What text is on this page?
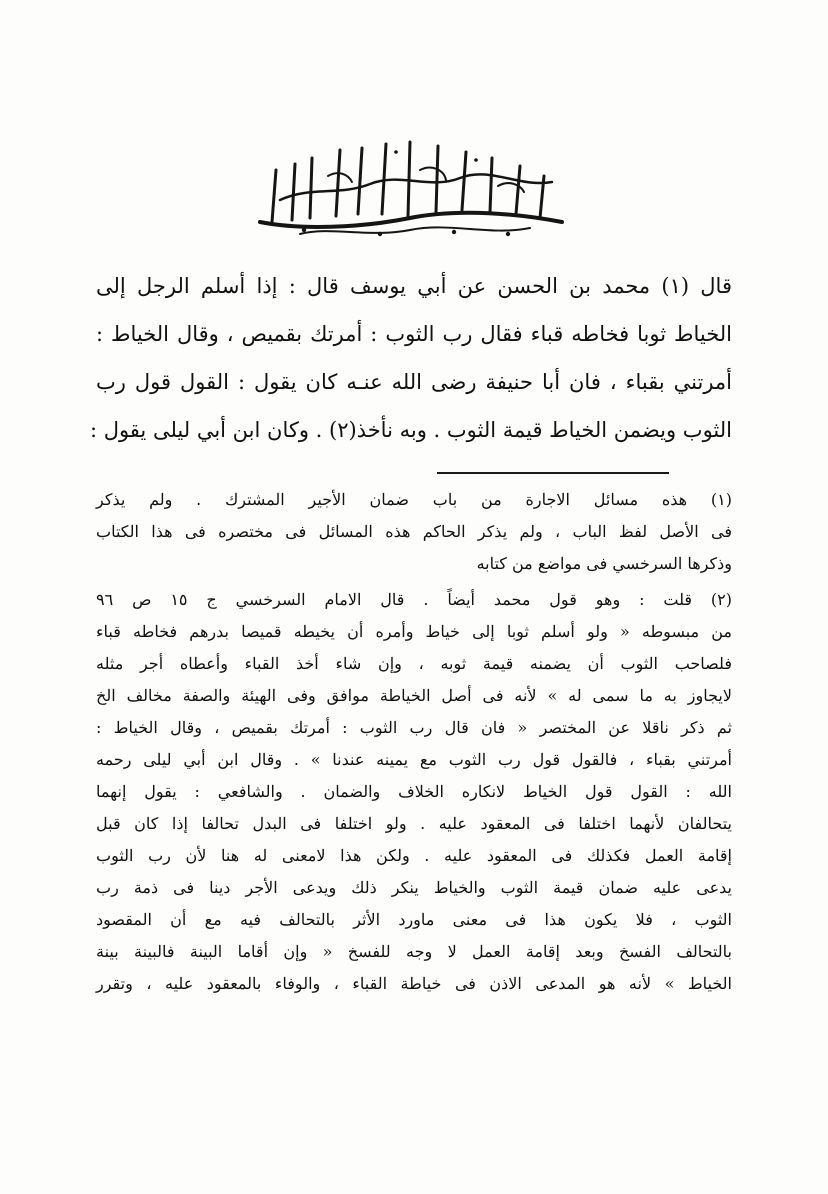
قال (١) محمد بن الحسن عن أبي يوسف قال : إذا أسلم الرجل إلى
الخياط ثوبا فخاطه قباء فقال رب الثوب : أمرتك بقميص ، وقال الخياط :
أمرتني بقباء ، فان أبا حنيفة رضى الله عنـه كان يقول : القول قول رب
الثوب ويضمن الخياط قيمة الثوب . وبه نأخذ(٢) . وكان ابن أبي ليلى يقول :
(١) هذه مسائل الاجارة من باب ضمان الأجير المشترك . ولم يذكر
فى الأصل لفظ الباب ، ولم يذكر الحاكم هذه المسائل فى مختصره فى هذا الكتاب
وذكرها السرخسي فى مواضع من كتابه
(٢) قلت : وهو قول محمد أيضاً . قال الامام السرخسي ج ١٥ ص ٩٦
من مبسوطه « ولو أسلم ثوبا إلى خياط وأمره أن يخيطه قميصا بدرهم فخاطه قباء
فلصاحب الثوب أن يضمنه قيمة ثوبه ، وإن شاء أخذ القباء وأعطاه أجر مثله
لايجاوز به ما سمى له » لأنه فى أصل الخياطة موافق وفى الهيئة والصفة مخالف الخ
ثم ذكر ناقلا عن المختصر « فان قال رب الثوب : أمرتك بقميص ، وقال الخياط :
أمرتني بقباء ، فالقول قول رب الثوب مع يمينه عندنا » . وقال ابن أبي ليلى رحمه
الله : القول قول الخياط لانكاره الخلاف والضمان . والشافعي : يقول إنهما
يتحالفان لأنهما اختلفا فى المعقود عليه . ولو اختلفا فى البدل تحالفا إذا كان قبل
إقامة العمل فكذلك فى المعقود عليه . ولكن هذا لامعنى له هنا لأن رب الثوب
يدعى عليه ضمان قيمة الثوب والخياط ينكر ذلك ويدعى الأجر دينا فى ذمة رب
الثوب ، فلا يكون هذا فى معنى ماورد الأثر بالتحالف فيه مع أن المقصود
بالتحالف الفسخ وبعد إقامة العمل لا وجه للفسخ « وإن أقاما البينة فالبينة بينة
الخياط » لأنه هو المدعى الاذن فى خياطة القباء ، والوفاء بالمعقود عليه ، وتقرر
